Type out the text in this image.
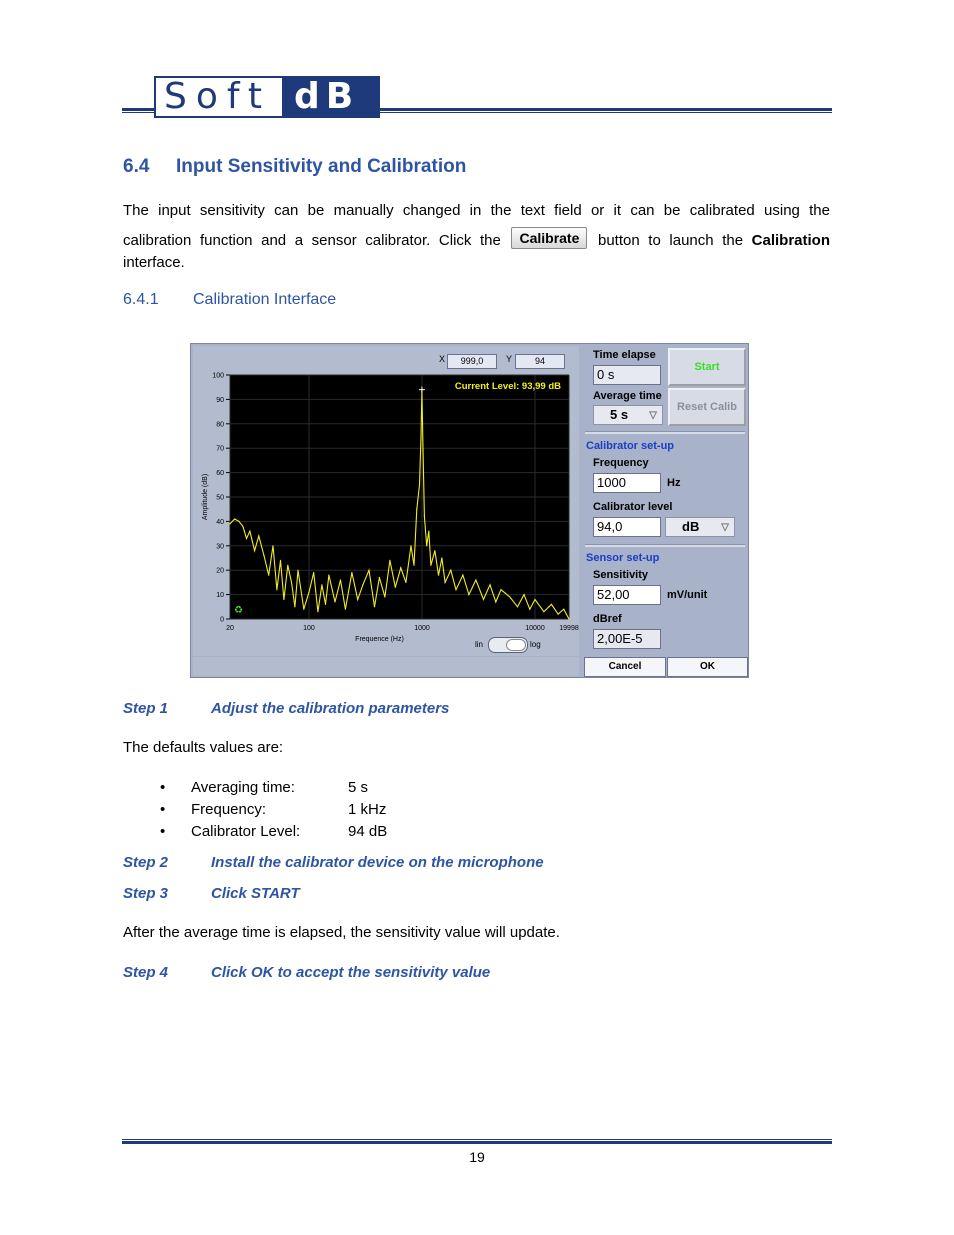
Soft dB
6.4 Input Sensitivity and Calibration
The input sensitivity can be manually changed in the text field or it can be calibrated using the
calibration function and a sensor calibrator. Click the Calibrate button to launch the Calibration
interface.
6.4.1 Calibration Interface
X	999,0	Y	94
0
10
20
30
40
50
60
70
80
90
100
20	100	1000	10000 19998
Frequence (Hz)
Amplitude (dB)
Current Level: 93,99 dB
♻
lin	log
Time elapse
0 s
Average time
5 s ▽
Start
Reset Calib
Calibrator set-up
Frequency
1000	Hz
Calibrator level
94,0	dB ▽
Sensor set-up
Sensitivity
52,00	mV/unit
dBref
2,00E-5
Cancel	OK
Step 1	Adjust the calibration parameters
The defaults values are:
• Averaging time:	5 s
• Frequency:	1 kHz
• Calibrator Level:	94 dB
Step 2	Install the calibrator device on the microphone
Step 3	Click START
After the average time is elapsed, the sensitivity value will update.
Step 4	Click OK to accept the sensitivity value
19
